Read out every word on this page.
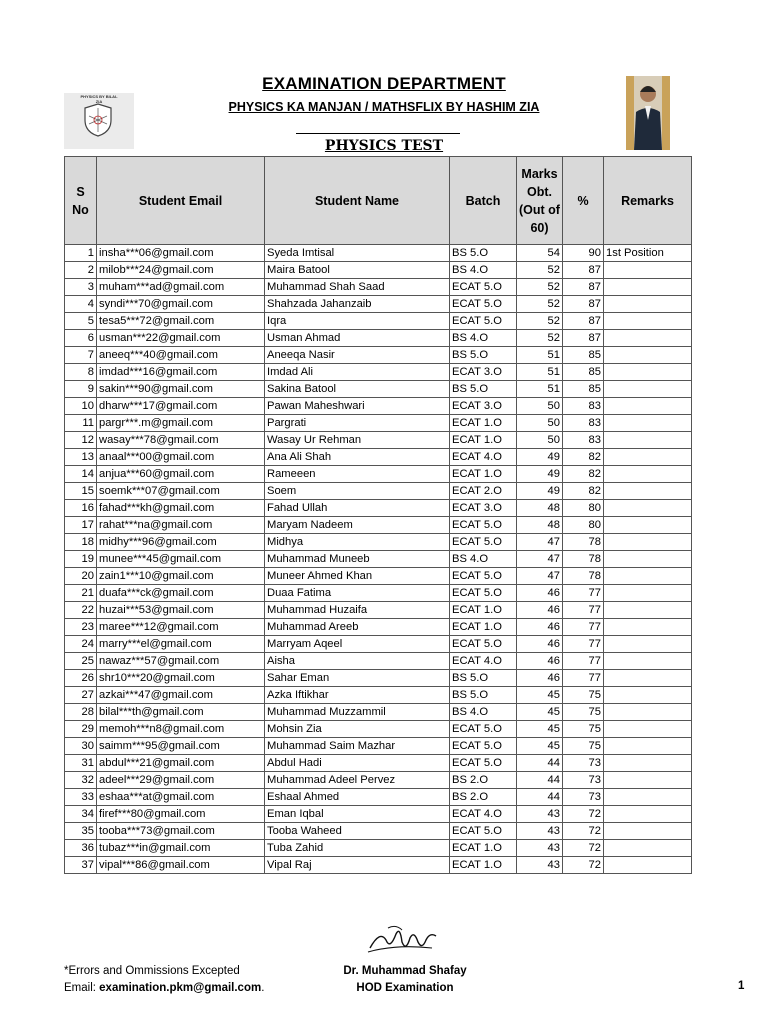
PHYSICS BY BILAL ZIA
EXAMINATION DEPARTMENT
PHYSICS KA MANJAN / MATHSFLIX BY HASHIM ZIA
PHYSICS TEST
S No	Student Email	Student Name	Batch	Marks Obt. (Out of 60)	%	Remarks
1	insha***06@gmail.com	Syeda Imtisal	BS 5.O	54	90	1st Position
2	milob***24@gmail.com	Maira Batool	BS 4.O	52	87	
3	muham***ad@gmail.com	Muhammad Shah Saad	ECAT 5.O	52	87	
4	syndi***70@gmail.com	Shahzada Jahanzaib	ECAT 5.O	52	87	
5	tesa5***72@gmail.com	Iqra	ECAT 5.O	52	87	
6	usman***22@gmail.com	Usman Ahmad	BS 4.O	52	87	
7	aneeq***40@gmail.com	Aneeqa Nasir	BS 5.O	51	85	
8	imdad***16@gmail.com	Imdad Ali	ECAT 3.O	51	85	
9	sakin***90@gmail.com	Sakina Batool	BS 5.O	51	85	
10	dharw***17@gmail.com	Pawan Maheshwari	ECAT 3.O	50	83	
11	pargr***.m@gmail.com	Pargrati	ECAT 1.O	50	83	
12	wasay***78@gmail.com	Wasay Ur Rehman	ECAT 1.O	50	83	
13	anaal***00@gmail.com	Ana Ali Shah	ECAT 4.O	49	82	
14	anjua***60@gmail.com	Rameeen	ECAT 1.O	49	82	
15	soemk***07@gmail.com	Soem	ECAT 2.O	49	82	
16	fahad***kh@gmail.com	Fahad Ullah	ECAT 3.O	48	80	
17	rahat***na@gmail.com	Maryam Nadeem	ECAT 5.O	48	80	
18	midhy***96@gmail.com	Midhya	ECAT 5.O	47	78	
19	munee***45@gmail.com	Muhammad Muneeb	BS 4.O	47	78	
20	zain1***10@gmail.com	Muneer Ahmed Khan	ECAT 5.O	47	78	
21	duafa***ck@gmail.com	Duaa Fatima	ECAT 5.O	46	77	
22	huzai***53@gmail.com	Muhammad Huzaifa	ECAT 1.O	46	77	
23	maree***12@gmail.com	Muhammad Areeb	ECAT 1.O	46	77	
24	marry***el@gmail.com	Marryam Aqeel	ECAT 5.O	46	77	
25	nawaz***57@gmail.com	Aisha	ECAT 4.O	46	77	
26	shr10***20@gmail.com	Sahar Eman	BS 5.O	46	77	
27	azkai***47@gmail.com	Azka Iftikhar	BS 5.O	45	75	
28	bilal***th@gmail.com	Muhammad Muzzammil	BS 4.O	45	75	
29	memoh***n8@gmail.com	Mohsin Zia	ECAT 5.O	45	75	
30	saimm***95@gmail.com	Muhammad Saim Mazhar	ECAT 5.O	45	75	
31	abdul***21@gmail.com	Abdul Hadi	ECAT 5.O	44	73	
32	adeel***29@gmail.com	Muhammad Adeel Pervez	BS 2.O	44	73	
33	eshaa***at@gmail.com	Eshaal Ahmed	BS 2.O	44	73	
34	firef***80@gmail.com	Eman Iqbal	ECAT 4.O	43	72	
35	tooba***73@gmail.com	Tooba Waheed	ECAT 5.O	43	72	
36	tubaz***in@gmail.com	Tuba Zahid	ECAT 1.O	43	72	
37	vipal***86@gmail.com	Vipal Raj	ECAT 1.O	43	72	
*Errors and Ommissions Excepted
Email: examination.pkm@gmail.com.
Dr. Muhammad Shafay
HOD Examination	1
